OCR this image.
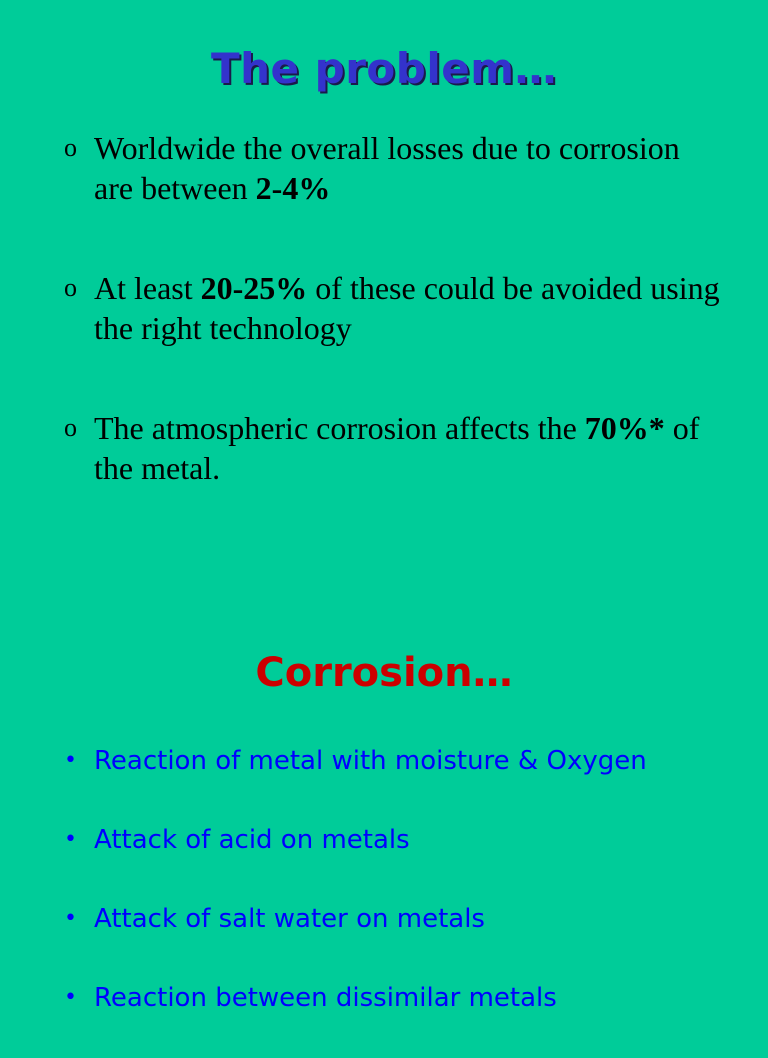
The problem…
o Worldwide the overall losses due to corrosion are between 2-4%
o At least 20-25% of these could be avoided using the right technology
o The atmospheric corrosion affects the 70%* of the metal.
Corrosion…
• Reaction of metal with moisture & Oxygen
• Attack of acid on metals
• Attack of salt water on metals
• Reaction between dissimilar metals
